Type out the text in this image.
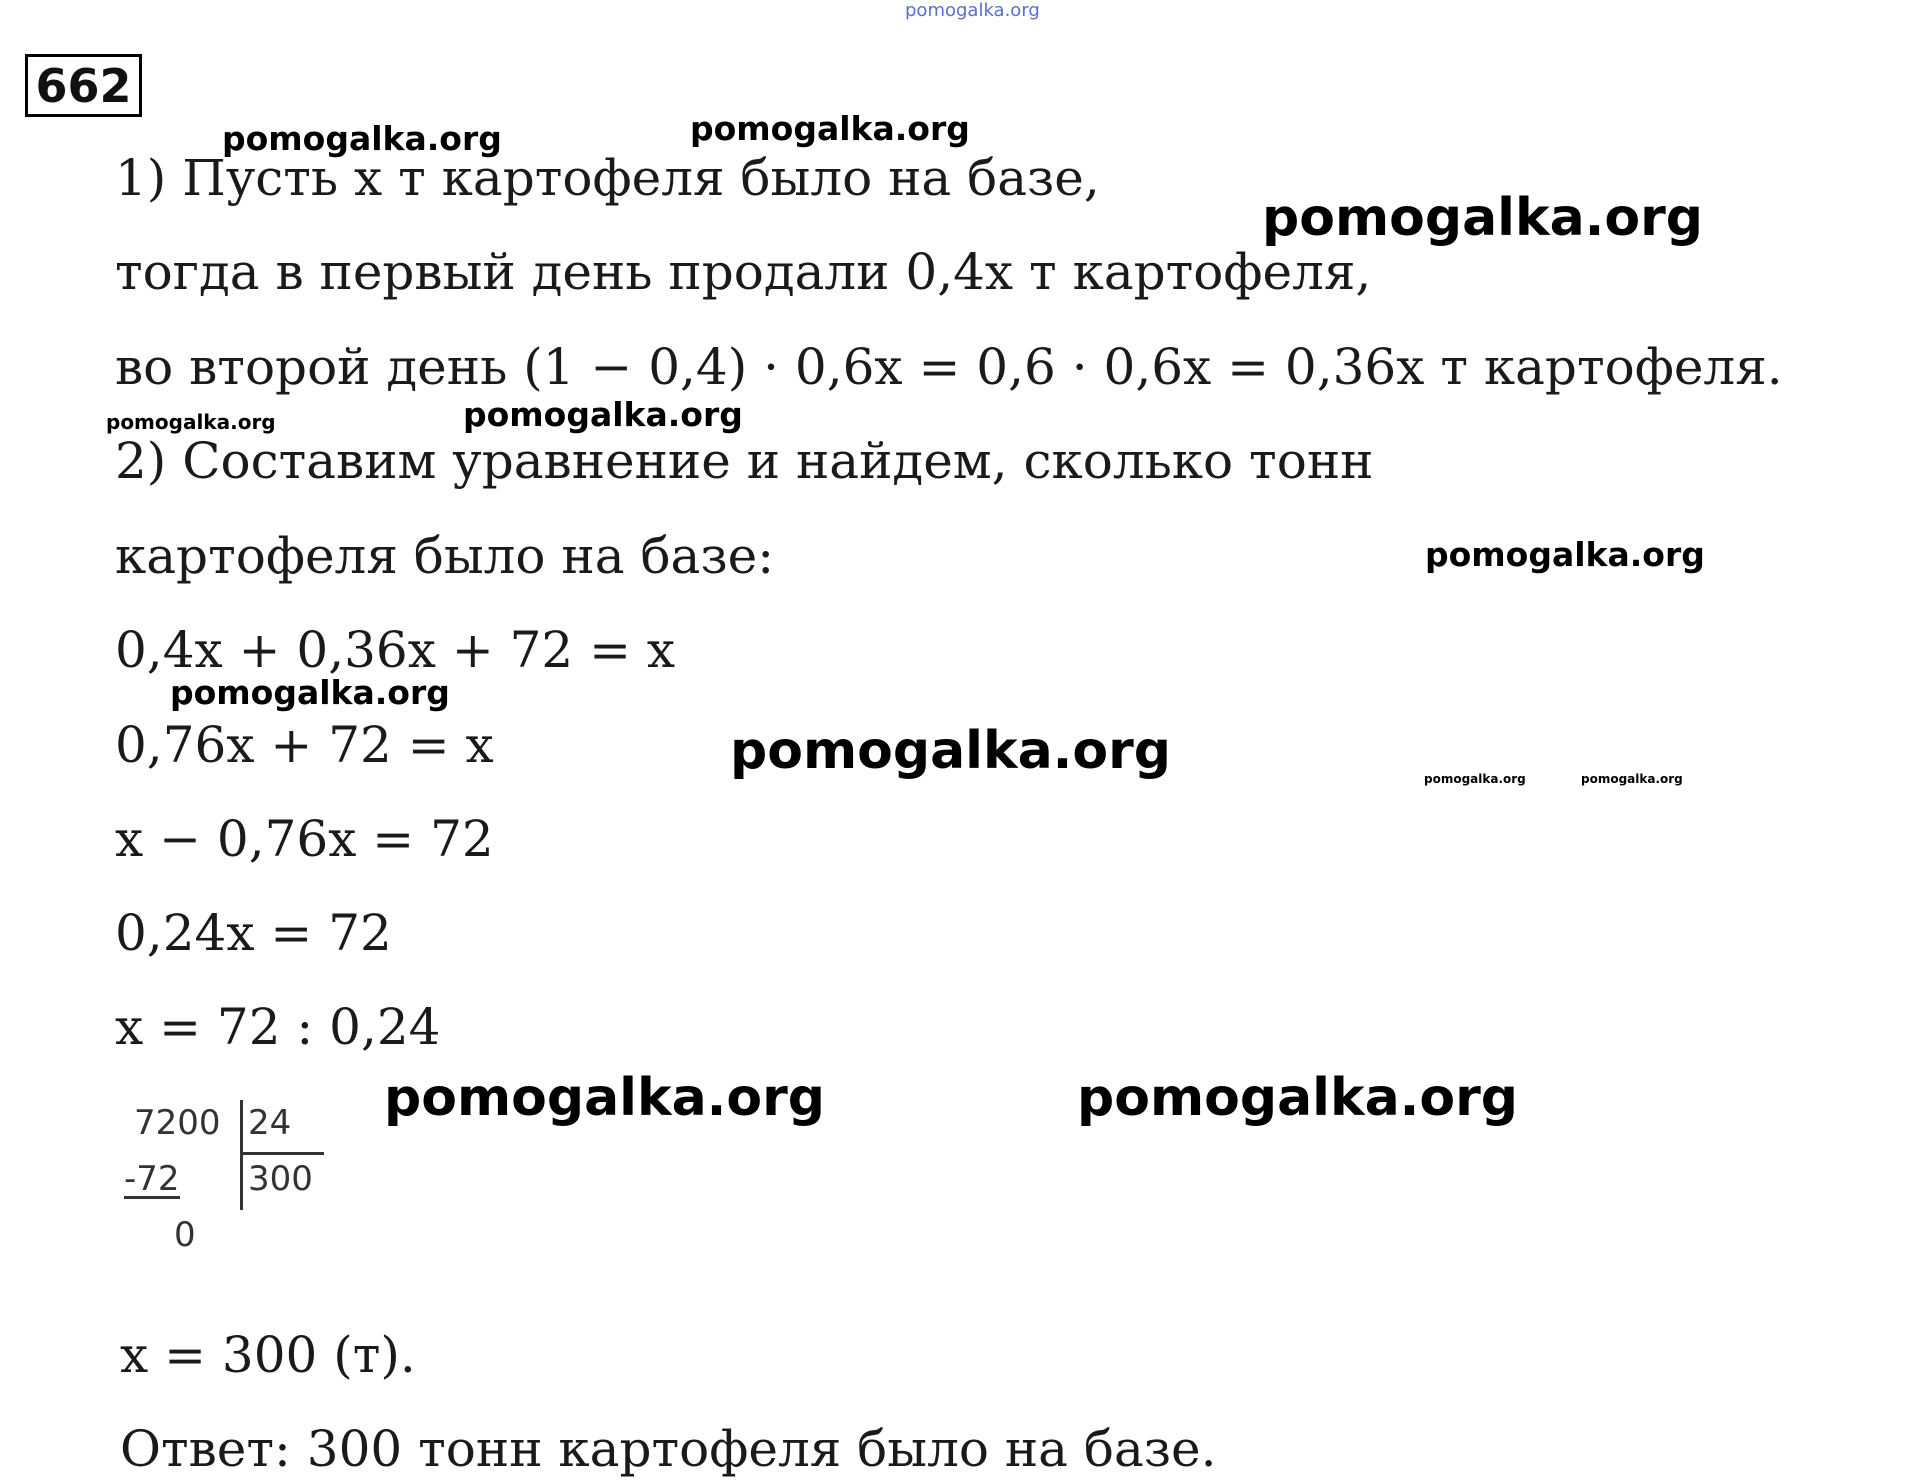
pomogalka.org
662
1) Пусть x т картофеля было на базе,
тогда в первый день продали 0,4x т картофеля,
во второй день (1 − 0,4) · 0,6x = 0,6 · 0,6x = 0,36x т картофеля.
2) Составим уравнение и найдем, сколько тонн
картофеля было на базе:
0,4x + 0,36x + 72 = x
0,76x + 72 = x
x − 0,76x = 72
0,24x = 72
x = 72 : 0,24
7200 24
-72 300
0
x = 300 (т).
Ответ: 300 тонн картофеля было на базе.
pomogalka.org	pomogalka.org
pomogalka.org
pomogalka.org	pomogalka.org
pomogalka.org
pomogalka.org
pomogalka.org	pomogalka.org	pomogalka.org
pomogalka.org	pomogalka.org
